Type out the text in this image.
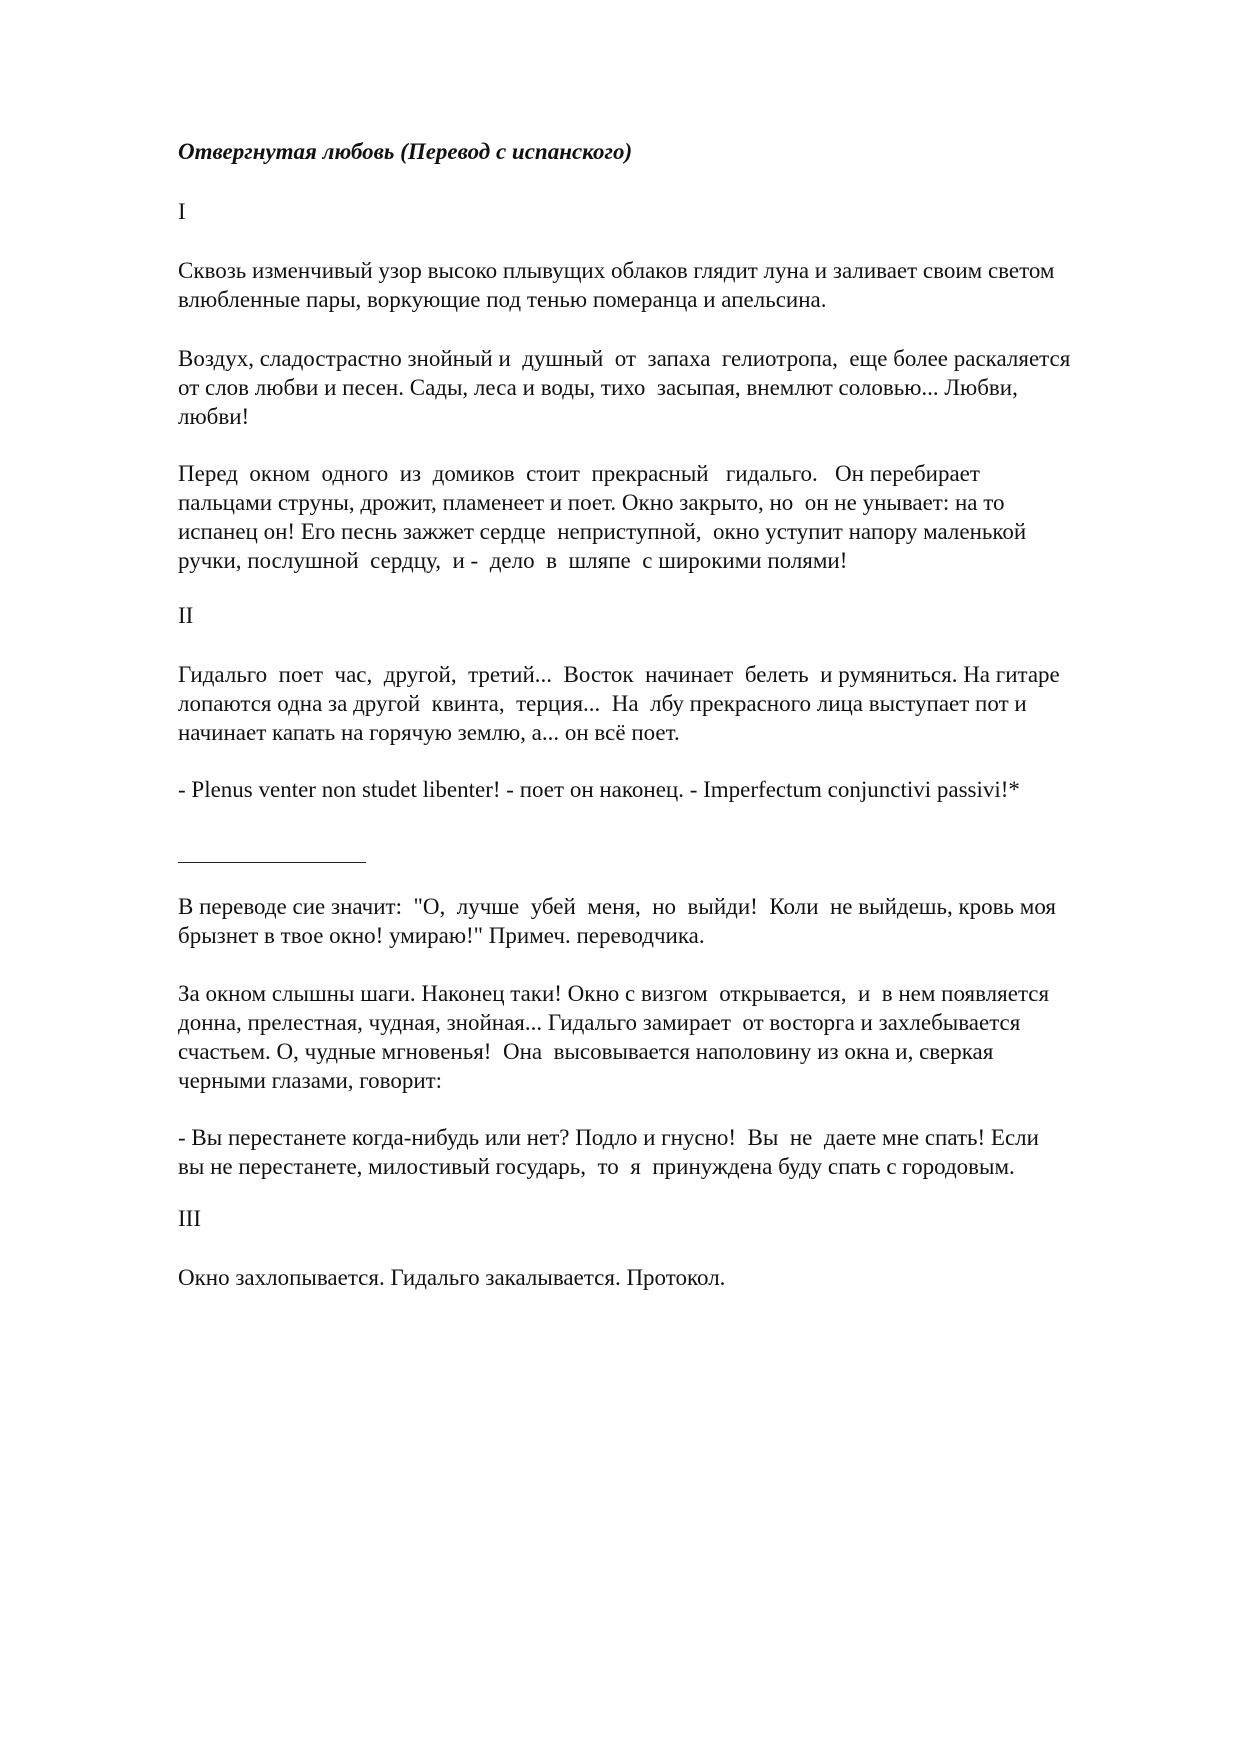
Отвергнутая любовь (Перевод с испанского)
I
Сквозь изменчивый узор высоко плывущих облаков глядит луна и заливает своим светом
влюбленные пары, воркующие под тенью померанца и апельсина.
Воздух, сладострастно знойный и  душный  от  запаха  гелиотропа,  еще более раскаляется
от слов любви и песен. Сады, леса и воды, тихо  засыпая, внемлют соловью... Любви,
любви!
Перед  окном  одного  из  домиков  стоит  прекрасный   гидальго.   Он перебирает
пальцами струны, дрожит, пламенеет и поет. Окно закрыто, но  он не унывает: на то
испанец он! Его песнь зажжет сердце  неприступной,  окно уступит напору маленькой
ручки, послушной  сердцу,  и -  дело  в  шляпе  с широкими полями!
II
Гидальго  поет  час,  другой,  третий...  Восток  начинает  белеть  и румяниться. На гитаре
лопаются одна за другой  квинта,  терция...  На  лбу прекрасного лица выступает пот и
начинает капать на горячую землю, а... он всё поет.
- Plenus venter non studet libenter! - поет он наконец. - Imperfectum conjunctivi passivi!*
В переводе сие значит:  "О,  лучше  убей  меня,  но  выйди!  Коли  не выйдешь, кровь моя
брызнет в твое окно! умираю!" Примеч. переводчика.
За окном слышны шаги. Наконец таки! Окно с визгом  открывается,  и  в нем появляется
донна, прелестная, чудная, знойная... Гидальго замирает  от восторга и захлебывается
счастьем. О, чудные мгновенья!  Она  высовывается наполовину из окна и, сверкая
черными глазами, говорит:
- Вы перестанете когда-нибудь или нет? Подло и гнусно!  Вы  не  даете мне спать! Если
вы не перестанете, милостивый государь,  то  я  принуждена буду спать с городовым.
III
Окно захлопывается. Гидальго закалывается. Протокол.
